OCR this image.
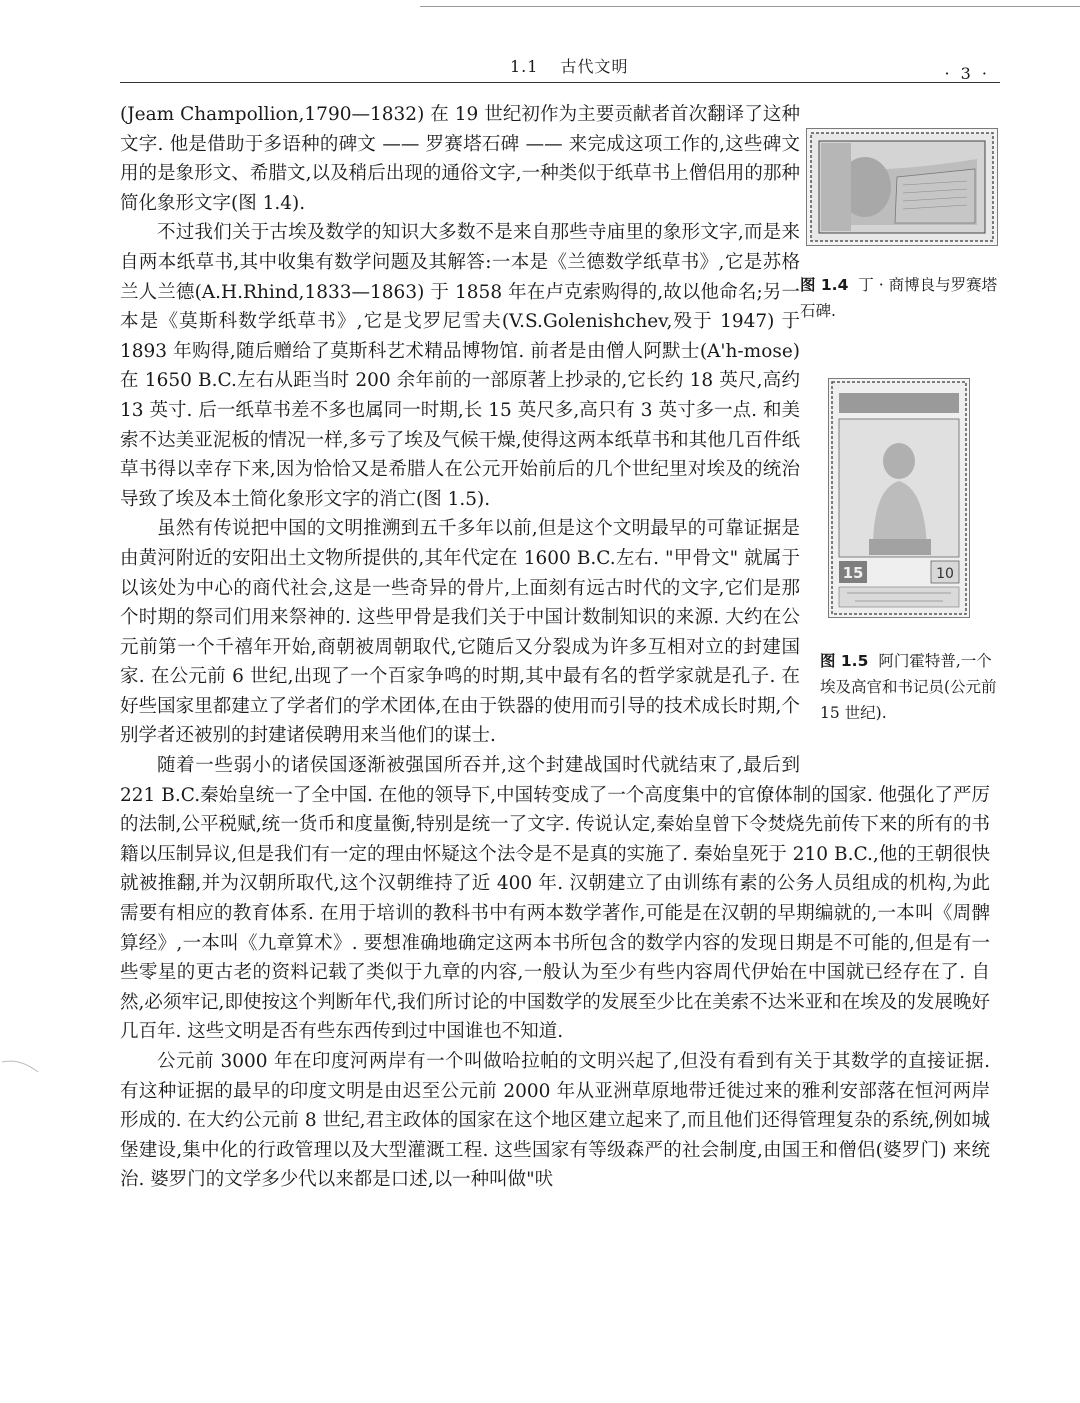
1.1 古代文明	· 3 ·

(Jeam Champollion,1790—1832) 在 19 世纪初作为主要贡献者首次翻译了这种文字. 他是借助于多语种的碑文 —— 罗赛塔石碑 —— 来完成这项工作的,这些碑文用的是象形文、希腊文,以及稍后出现的通俗文字,一种类似于纸草书上僧侣用的那种简化象形文字(图 1.4).

不过我们关于古埃及数学的知识大多数不是来自那些寺庙里的象形文字,而是来自两本纸草书,其中收集有数学问题及其解答:一本是《兰德数学纸草书》,它是苏格兰人兰德(A.H.Rhind,1833—1863) 于 1858 年在卢克索购得的,故以他命名;另一本是《莫斯科数学纸草书》,它是戈罗尼雪夫(V.S.Golenishchev,殁于 1947) 于 1893 年购得,随后赠给了莫斯科艺术精品博物馆. 前者是由僧人阿默士(A'h-mose) 在 1650 B.C.左右从距当时 200 余年前的一部原著上抄录的,它长约 18 英尺,高约 13 英寸. 后一纸草书差不多也属同一时期,长 15 英尺多,高只有 3 英寸多一点. 和美索不达美亚泥板的情况一样,多亏了埃及气候干燥,使得这两本纸草书和其他几百件纸草书得以幸存下来,因为恰恰又是希腊人在公元开始前后的几个世纪里对埃及的统治导致了埃及本土简化象形文字的消亡(图 1.5).

虽然有传说把中国的文明推溯到五千多年以前,但是这个文明最早的可靠证据是由黄河附近的安阳出土文物所提供的,其年代定在 1600 B.C.左右. "甲骨文" 就属于以该处为中心的商代社会,这是一些奇异的骨片,上面刻有远古时代的文字,它们是那个时期的祭司们用来祭神的. 这些甲骨是我们关于中国计数制知识的来源. 大约在公元前第一个千禧年开始,商朝被周朝取代,它随后又分裂成为许多互相对立的封建国家. 在公元前 6 世纪,出现了一个百家争鸣的时期,其中最有名的哲学家就是孔子. 在好些国家里都建立了学者们的学术团体,在由于铁器的使用而引导的技术成长时期,个别学者还被别的封建诸侯聘用来当他们的谋士.

随着一些弱小的诸侯国逐渐被强国所吞并,这个封建战国时代就结束了,最后到 221 B.C.秦始皇统一了全中国. 在他的领导下,中国转变成了一个高度集中的官僚体制的国家. 他强化了严厉的法制,公平税赋,统一货币和度量衡,特别是统一了文字. 传说认定,秦始皇曾下令焚烧先前传下来的所有的书籍以压制异议,但是我们有一定的理由怀疑这个法令是不是真的实施了. 秦始皇死于 210 B.C.,他的王朝很快就被推翻,并为汉朝所取代,这个汉朝维持了近 400 年. 汉朝建立了由训练有素的公务人员组成的机构,为此需要有相应的教育体系. 在用于培训的教科书中有两本数学著作,可能是在汉朝的早期编就的,一本叫《周髀算经》,一本叫《九章算术》. 要想准确地确定这两本书所包含的数学内容的发现日期是不可能的,但是有一些零星的更古老的资料记载了类似于九章的内容,一般认为至少有些内容周代伊始在中国就已经存在了. 自然,必须牢记,即使按这个判断年代,我们所讨论的中国数学的发展至少比在美索不达米亚和在埃及的发展晚好几百年. 这些文明是否有些东西传到过中国谁也不知道.

公元前 3000 年在印度河两岸有一个叫做哈拉帕的文明兴起了,但没有看到有关于其数学的直接证据. 有这种证据的最早的印度文明是由迟至公元前 2000 年从亚洲草原地带迁徙过来的雅利安部落在恒河两岸形成的. 在大约公元前 8 世纪,君主政体的国家在这个地区建立起来了,而且他们还得管理复杂的系统,例如城堡建设,集中化的行政管理以及大型灌溉工程. 这些国家有等级森严的社会制度,由国王和僧侣(婆罗门) 来统治. 婆罗门的文学多少代以来都是口述,以一种叫做"吠

图 1.4 丁 · 商博良与罗赛塔石碑.
15	10
图 1.5 阿门霍特普,一个埃及高官和书记员(公元前 15 世纪).
